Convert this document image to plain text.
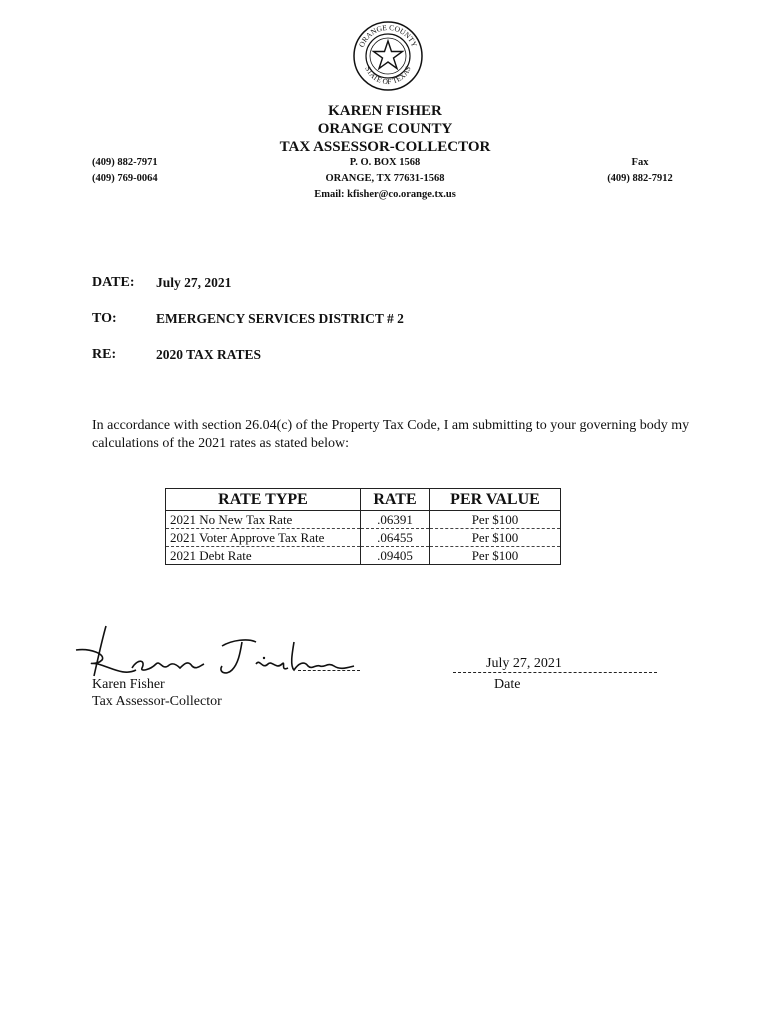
ORANGE COUNTY
STATE OF TEXAS
KAREN FISHER
ORANGE COUNTY
TAX ASSESSOR-COLLECTOR
P. O. BOX 1568
ORANGE, TX 77631-1568
Email: kfisher@co.orange.tx.us
(409) 882-7971
(409) 769-0064
Fax
(409) 882-7912
DATE: July 27, 2021
TO:	EMERGENCY SERVICES DISTRICT # 2
RE:	2020 TAX RATES
In accordance with section 26.04(c) of the Property Tax Code, I am submitting to your governing body my calculations of the 2021 rates as stated below:
RATE TYPE	RATE	PER VALUE
2021 No New Tax Rate	.06391	Per $100
2021 Voter Approve Tax Rate	.06455	Per $100
2021 Debt Rate	.09405	Per $100
Karen Fisher
Tax Assessor-Collector
July 27, 2021
Date
